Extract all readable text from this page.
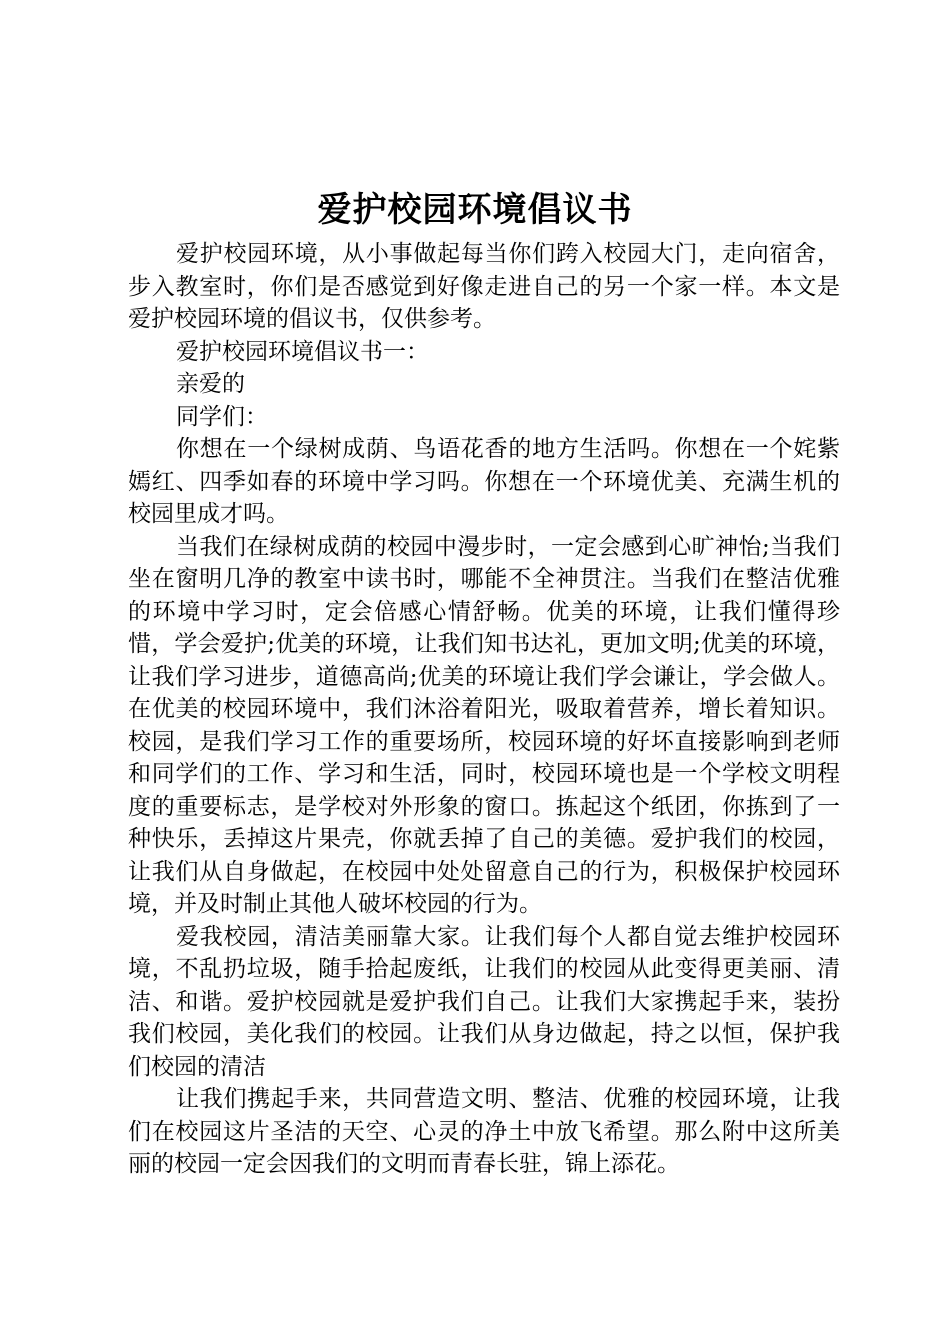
爱护校园环境倡议书

爱护校园环境，从小事做起每当你们跨入校园大门，走向宿舍，步入教室时，你们是否感觉到好像走进自己的另一个家一样。本文是爱护校园环境的倡议书，仅供参考。

爱护校园环境倡议书一：

亲爱的

同学们：

你想在一个绿树成荫、鸟语花香的地方生活吗。你想在一个姹紫嫣红、四季如春的环境中学习吗。你想在一个环境优美、充满生机的校园里成才吗。

当我们在绿树成荫的校园中漫步时，一定会感到心旷神怡;当我们坐在窗明几净的教室中读书时，哪能不全神贯注。当我们在整洁优雅的环境中学习时，定会倍感心情舒畅。优美的环境，让我们懂得珍惜，学会爱护;优美的环境，让我们知书达礼，更加文明;优美的环境，让我们学习进步，道德高尚;优美的环境让我们学会谦让，学会做人。在优美的校园环境中，我们沐浴着阳光，吸取着营养，增长着知识。校园，是我们学习工作的重要场所，校园环境的好坏直接影响到老师和同学们的工作、学习和生活，同时，校园环境也是一个学校文明程度的重要标志，是学校对外形象的窗口。拣起这个纸团，你拣到了一种快乐，丢掉这片果壳，你就丢掉了自己的美德。爱护我们的校园，让我们从自身做起，在校园中处处留意自己的行为，积极保护校园环境，并及时制止其他人破坏校园的行为。

爱我校园，清洁美丽靠大家。让我们每个人都自觉去维护校园环境，不乱扔垃圾，随手拾起废纸，让我们的校园从此变得更美丽、清洁、和谐。爱护校园就是爱护我们自己。让我们大家携起手来，装扮我们校园，美化我们的校园。让我们从身边做起，持之以恒，保护我们校园的清洁

让我们携起手来，共同营造文明、整洁、优雅的校园环境，让我们在校园这片圣洁的天空、心灵的净土中放飞希望。那么附中这所美丽的校园一定会因我们的文明而青春长驻，锦上添花。
